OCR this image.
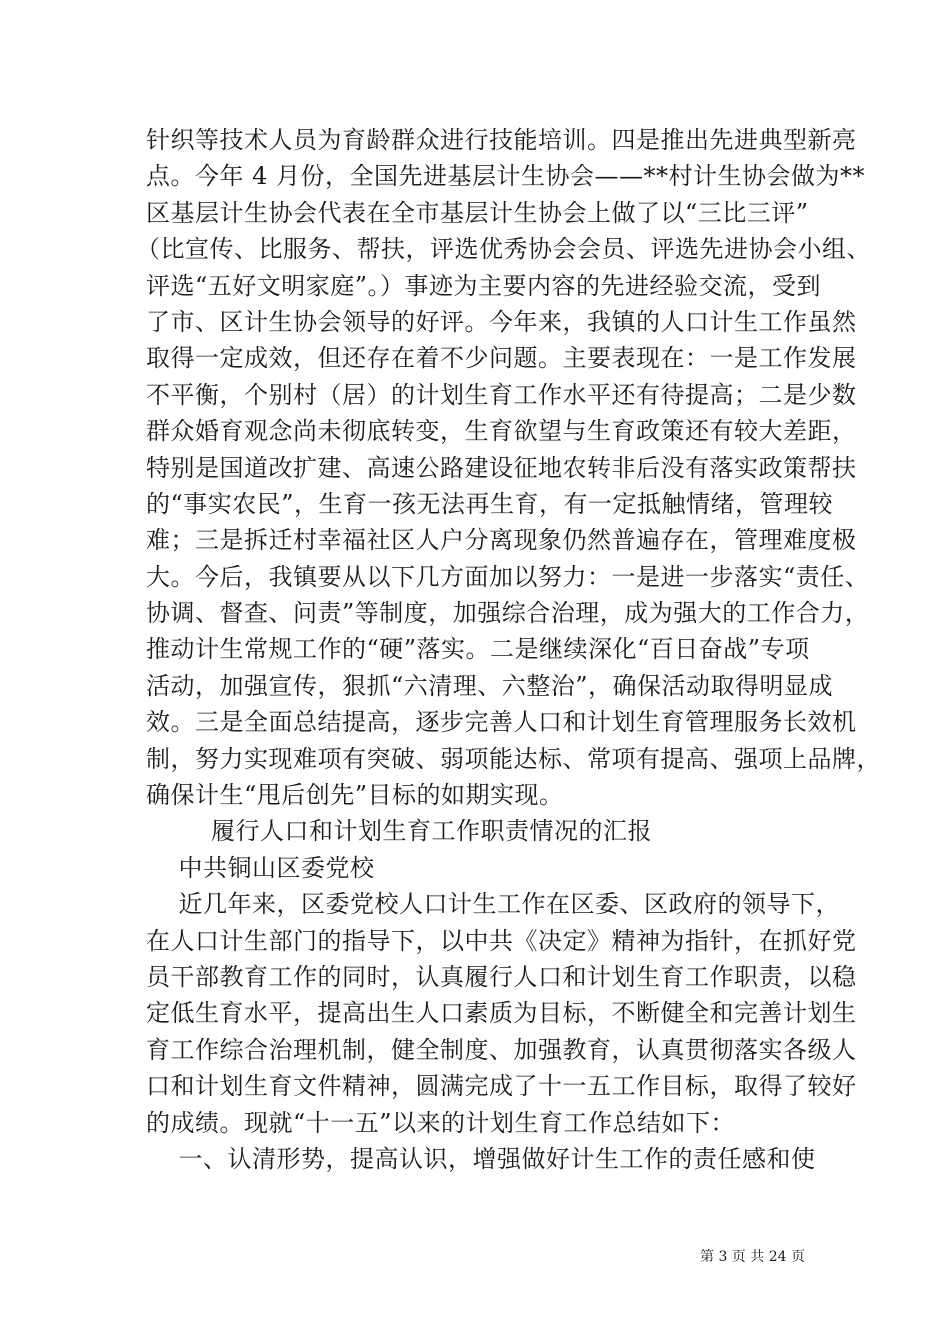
针织等技术人员为育龄群众进行技能培训。四是推出先进典型新亮
点。今年 4 月份，全国先进基层计生协会——**村计生协会做为**
区基层计生协会代表在全市基层计生协会上做了以“三比三评”
（比宣传、比服务、帮扶，评选优秀协会会员、评选先进协会小组、
评选“五好文明家庭”。）事迹为主要内容的先进经验交流，受到
了市、区计生协会领导的好评。今年来，我镇的人口计生工作虽然
取得一定成效，但还存在着不少问题。主要表现在：一是工作发展
不平衡，个别村（居）的计划生育工作水平还有待提高；二是少数
群众婚育观念尚未彻底转变，生育欲望与生育政策还有较大差距，
特别是国道改扩建、高速公路建设征地农转非后没有落实政策帮扶
的“事实农民”，生育一孩无法再生育，有一定抵触情绪，管理较
难；三是拆迁村幸福社区人户分离现象仍然普遍存在，管理难度极
大。今后，我镇要从以下几方面加以努力：一是进一步落实“责任、
协调、督查、问责”等制度，加强综合治理，成为强大的工作合力，
推动计生常规工作的“硬”落实。二是继续深化“百日奋战”专项
活动，加强宣传，狠抓“六清理、六整治”，确保活动取得明显成
效。三是全面总结提高，逐步完善人口和计划生育管理服务长效机
制，努力实现难项有突破、弱项能达标、常项有提高、强项上品牌，
确保计生“甩后创先”目标的如期实现。
履行人口和计划生育工作职责情况的汇报
中共铜山区委党校
近几年来，区委党校人口计生工作在区委、区政府的领导下，
在人口计生部门的指导下，以中共《决定》精神为指针，在抓好党
员干部教育工作的同时，认真履行人口和计划生育工作职责，以稳
定低生育水平，提高出生人口素质为目标，不断健全和完善计划生
育工作综合治理机制，健全制度、加强教育，认真贯彻落实各级人
口和计划生育文件精神，圆满完成了十一五工作目标，取得了较好
的成绩。现就“十一五”以来的计划生育工作总结如下：
一、认清形势，提高认识，增强做好计生工作的责任感和使
第 3 页 共 24 页
